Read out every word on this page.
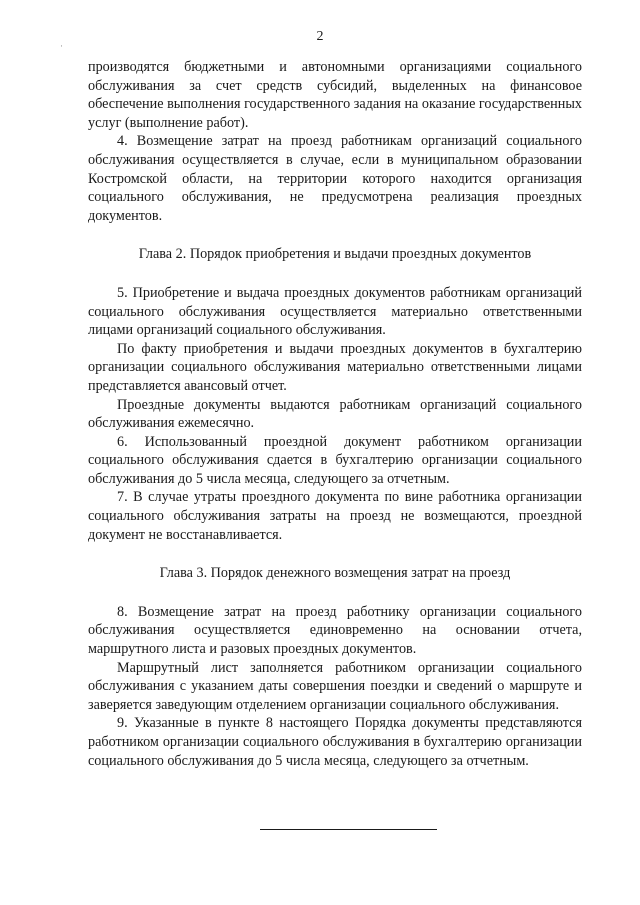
2
·

производятся бюджетными и автономными организациями социального обслуживания за счет средств субсидий, выделенных на финансовое обеспечение выполнения государственного задания на оказание государственных услуг (выполнение работ).

4. Возмещение затрат на проезд работникам организаций социального обслуживания осуществляется в случае, если в муниципальном образовании Костромской области, на территории которого находится организация социального обслуживания, не предусмотрена реализация проездных документов.

Глава 2. Порядок приобретения и выдачи проездных документов

5. Приобретение и выдача проездных документов работникам организаций социального обслуживания осуществляется материально ответственными лицами организаций социального обслуживания.

По факту приобретения и выдачи проездных документов в бухгалтерию организации социального обслуживания материально ответственными лицами представляется авансовый отчет.

Проездные документы выдаются работникам организаций социального обслуживания ежемесячно.

6. Использованный проездной документ работником организации социального обслуживания сдается в бухгалтерию организации социального обслуживания до 5 числа месяца, следующего за отчетным.

7. В случае утраты проездного документа по вине работника организации социального обслуживания затраты на проезд не возмещаются, проездной документ не восстанавливается.

Глава 3. Порядок денежного возмещения затрат на проезд

8. Возмещение затрат на проезд работнику организации социального обслуживания осуществляется единовременно на основании отчета, маршрутного листа и разовых проездных документов.

Маршрутный лист заполняется работником организации социального обслуживания с указанием даты совершения поездки и сведений о маршруте и заверяется заведующим отделением организации социального обслуживания.

9. Указанные в пункте 8 настоящего Порядка документы представляются работником организации социального обслуживания в бухгалтерию организации социального обслуживания до 5 числа месяца, следующего за отчетным.
